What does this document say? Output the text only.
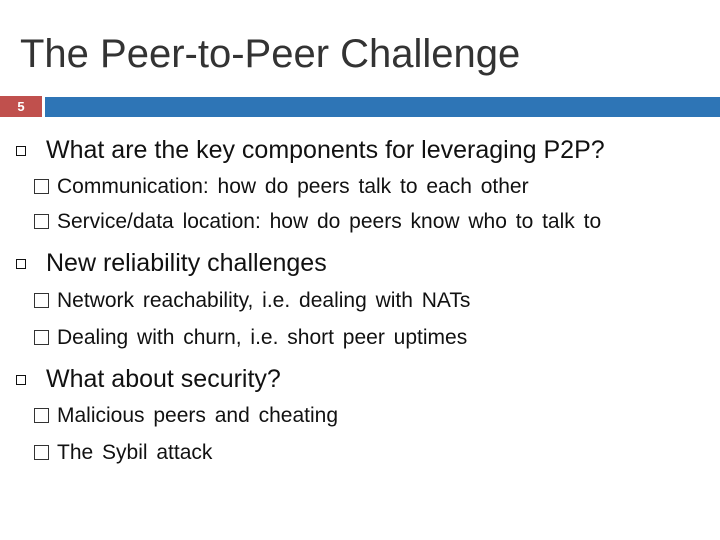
The Peer-to-Peer Challenge
5
What are the key components for leveraging P2P?
Communication: how do peers talk to each other
Service/data location: how do peers know who to talk to
New reliability challenges
Network reachability, i.e. dealing with NATs
Dealing with churn, i.e. short peer uptimes
What about security?
Malicious peers and cheating
The Sybil attack
